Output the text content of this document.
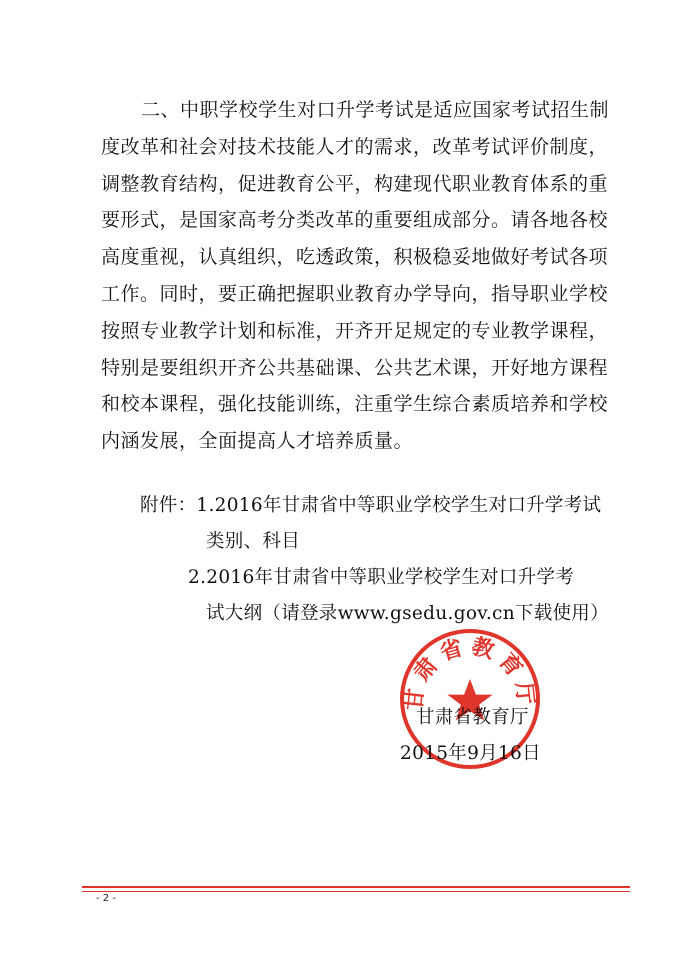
二、中职学校学生对口升学考试是适应国家考试招生制
度改革和社会对技术技能人才的需求，改革考试评价制度，
调整教育结构，促进教育公平，构建现代职业教育体系的重
要形式，是国家高考分类改革的重要组成部分。请各地各校
高度重视，认真组织，吃透政策，积极稳妥地做好考试各项
工作。同时，要正确把握职业教育办学导向，指导职业学校
按照专业教学计划和标准，开齐开足规定的专业教学课程，
特别是要组织开齐公共基础课、公共艺术课，开好地方课程
和校本课程，强化技能训练，注重学生综合素质培养和学校
内涵发展，全面提高人才培养质量。
附件：1.2016年甘肃省中等职业学校学生对口升学考试
类别、科目
2.2016年甘肃省中等职业学校学生对口升学考
试大纲（请登录www.gsedu.gov.cn下载使用）
甘肃省教育厅
甘肃省教育厅
2015年9月16日
- 2 -
